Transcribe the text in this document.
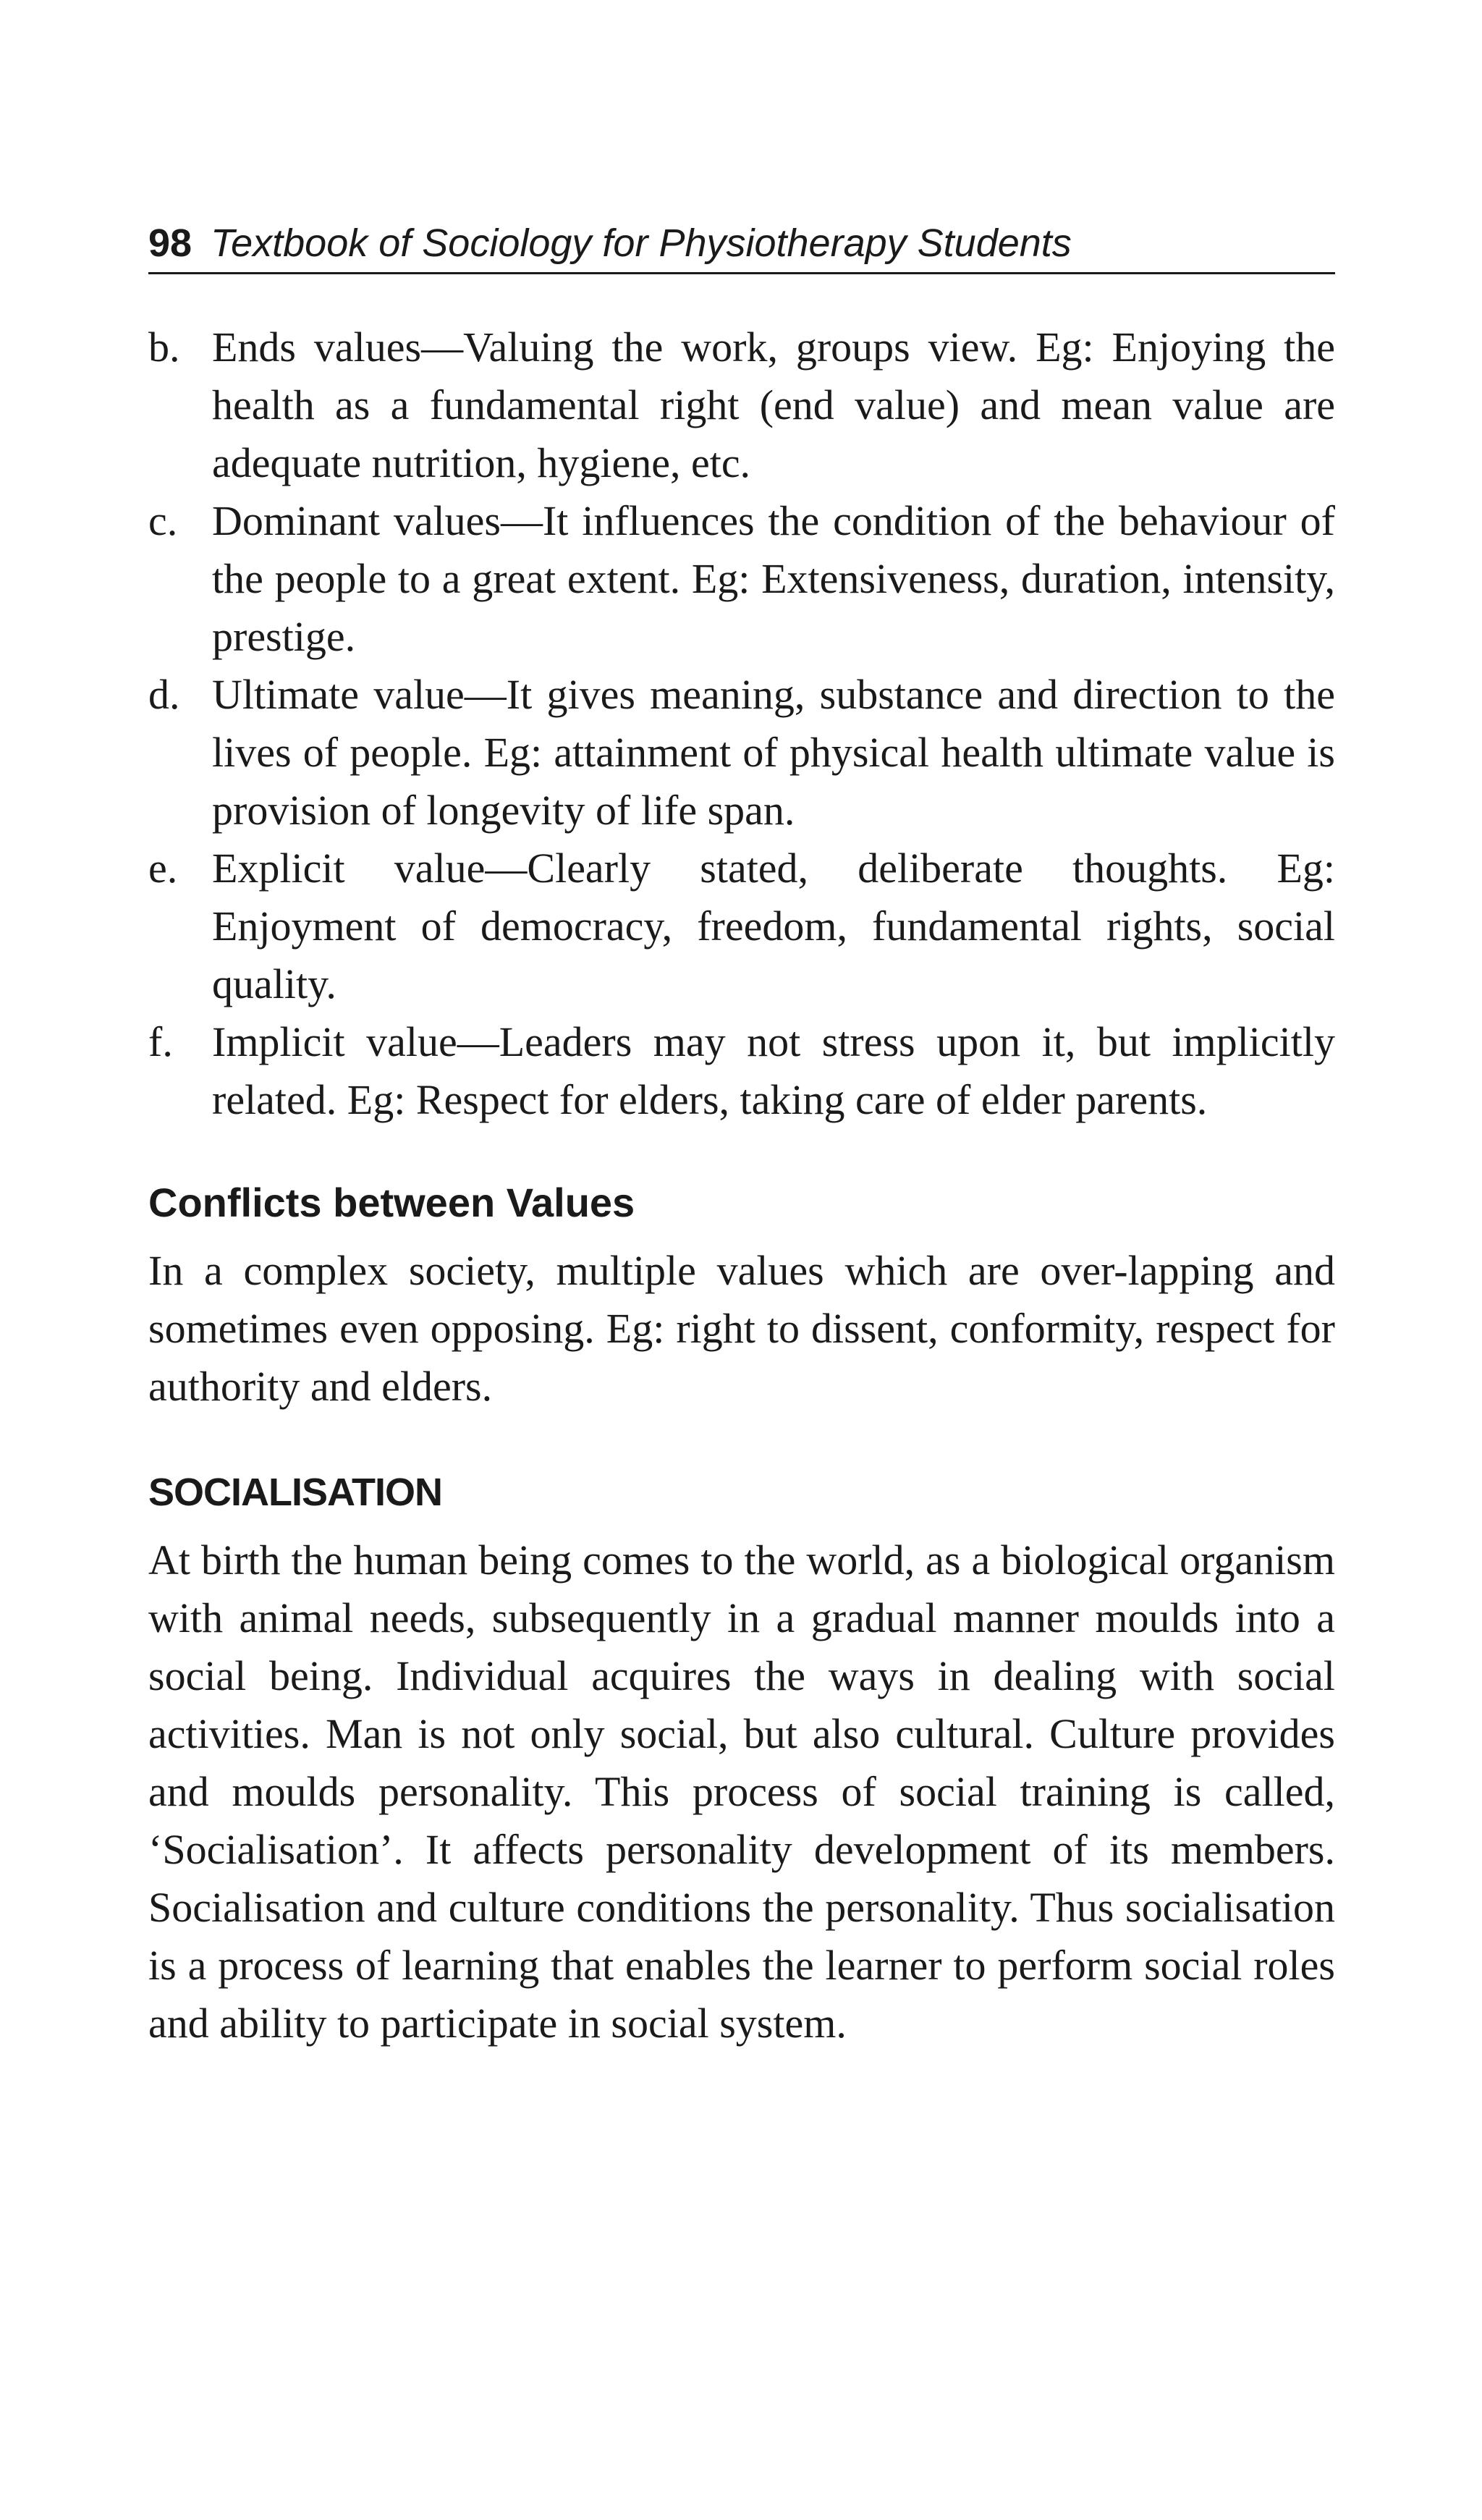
98 Textbook of Sociology for Physiotherapy Students
b. Ends values—Valuing the work, groups view. Eg: Enjoying the health as a fundamental right (end value) and mean value are adequate nutrition, hygiene, etc.
c. Dominant values—It influences the condition of the behaviour of the people to a great extent. Eg: Extensiveness, duration, intensity, prestige.
d. Ultimate value—It gives meaning, substance and direction to the lives of people. Eg: attainment of physical health ultimate value is provision of longevity of life span.
e. Explicit value—Clearly stated, deliberate thoughts. Eg: Enjoyment of democracy, freedom, fundamental rights, social quality.
f. Implicit value—Leaders may not stress upon it, but implicitly related. Eg: Respect for elders, taking care of elder parents.
Conflicts between Values

In a complex society, multiple values which are over-lapping and sometimes even opposing. Eg: right to dissent, conformity, respect for authority and elders.

SOCIALISATION

At birth the human being comes to the world, as a biological organism with animal needs, subsequently in a gradual manner moulds into a social being. Individual acquires the ways in dealing with social activities. Man is not only social, but also cultural. Culture provides and moulds personality. This process of social training is called, ‘Socialisation’. It affects personality development of its members. Socialisation and culture conditions the personality. Thus socialisation is a process of learning that enables the learner to perform social roles and ability to participate in social system.
